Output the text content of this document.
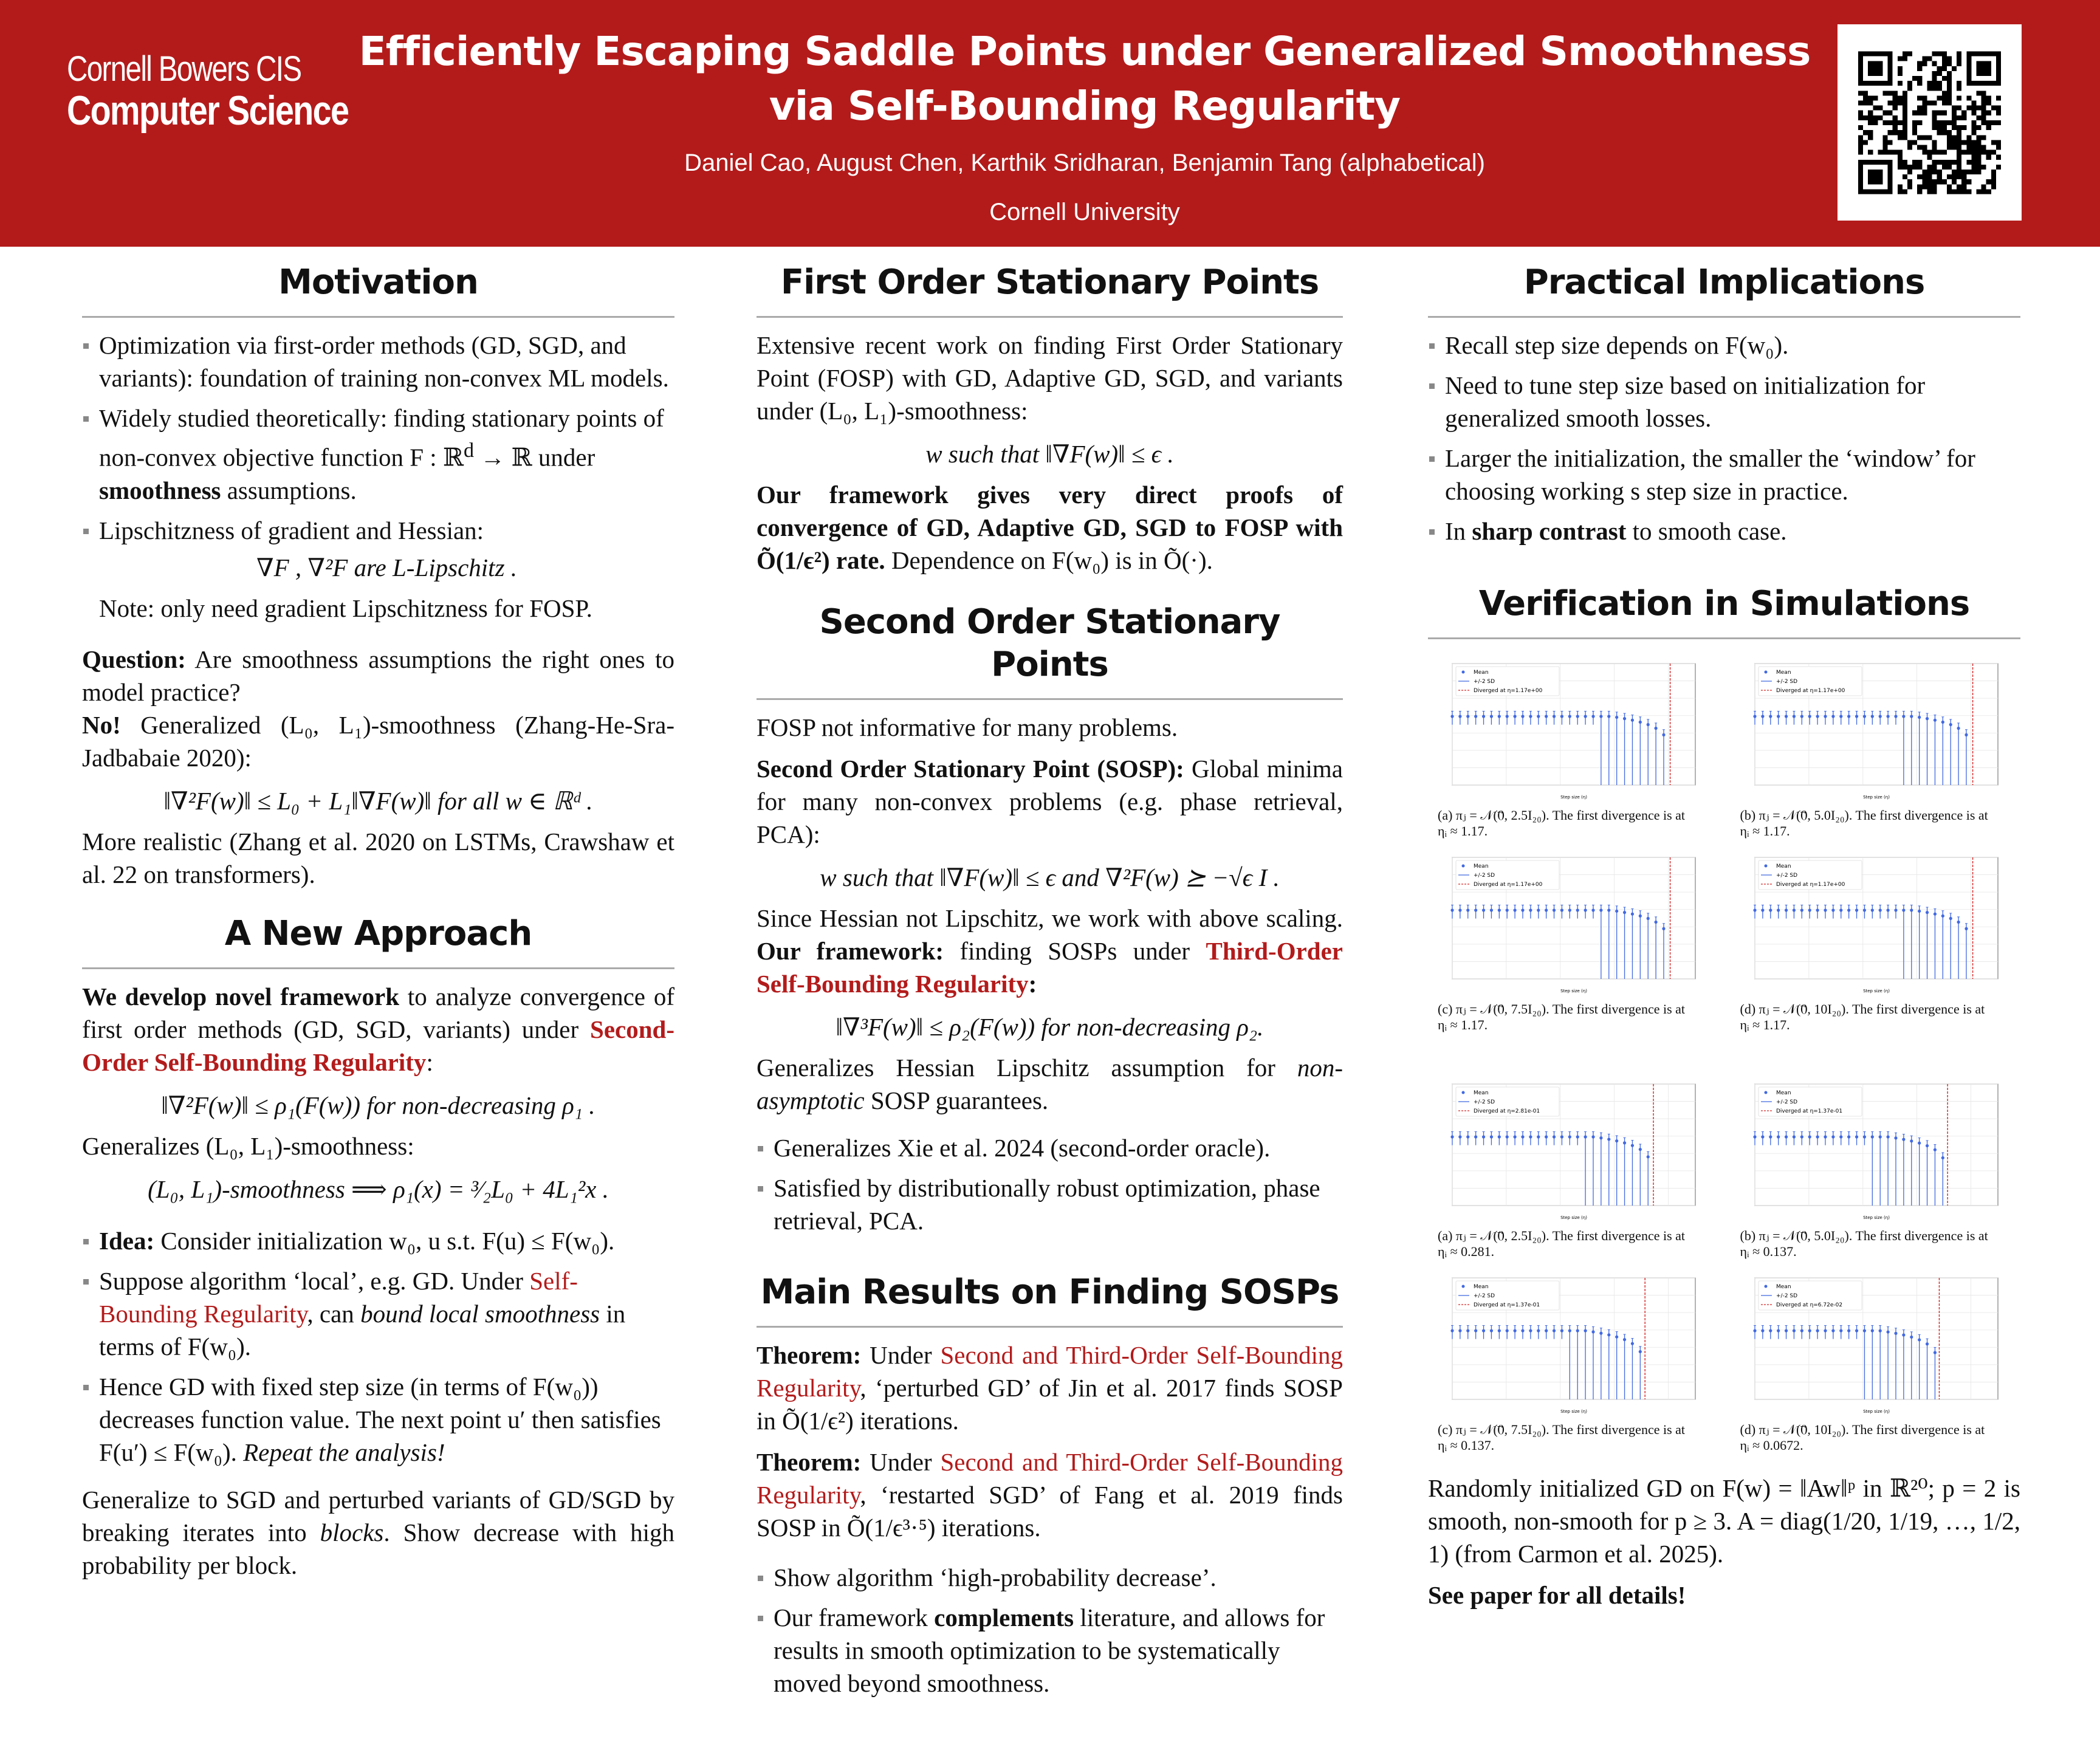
Cornell Bowers CIS
Computer Science
Efficiently Escaping Saddle Points under Generalized Smoothness
via Self-Bounding Regularity
Daniel Cao, August Chen, Karthik Sridharan, Benjamin Tang (alphabetical)
Cornell University
Motivation
Optimization via first-order methods (GD, SGD, and variants): foundation of training non-convex ML models.
Widely studied theoretically: finding stationary points of non-convex objective function F : ℝ$^d$ → ℝ under smoothness assumptions.
Lipschitzness of gradient and Hessian:
∇F , ∇²F are L-Lipschitz .
Note: only need gradient Lipschitzness for FOSP.

Question: Are smoothness assumptions the right ones to model practice?
No! Generalized (L₀, L₁)-smoothness (Zhang-He-Sra-Jadbabaie 2020):

‖∇²F(w)‖ ≤ L₀ + L₁‖∇F(w)‖ for all w ∈ ℝᵈ .

More realistic (Zhang et al. 2020 on LSTMs, Crawshaw et al. 22 on transformers).

A New Approach

We develop novel framework to analyze convergence of first order methods (GD, SGD, variants) under Second-Order Self-Bounding Regularity:

‖∇²F(w)‖ ≤ ρ₁(F(w)) for non-decreasing ρ₁ .

Generalizes (L₀, L₁)-smoothness:

(L₀, L₁)-smoothness ⟹ ρ₁(x) = ³⁄₂L₀ + 4L₁²x .
Idea: Consider initialization w₀, u s.t. F(u) ≤ F(w₀).
Suppose algorithm ‘local’, e.g. GD. Under Self-Bounding Regularity, can bound local smoothness in terms of F(w₀).
Hence GD with fixed step size (in terms of F(w₀)) decreases function value. The next point u′ then satisfies F(u′) ≤ F(w₀). Repeat the analysis!

Generalize to SGD and perturbed variants of GD/SGD by breaking iterates into blocks. Show decrease with high probability per block.

First Order Stationary Points

Extensive recent work on finding First Order Stationary Point (FOSP) with GD, Adaptive GD, SGD, and variants under (L₀, L₁)-smoothness:

w such that ‖∇F(w)‖ ≤ ϵ .

Our framework gives very direct proofs of convergence of GD, Adaptive GD, SGD to FOSP with Õ(1/ϵ²) rate. Dependence on F(w₀) is in Õ(·).

Second Order Stationary Points

FOSP not informative for many problems.

Second Order Stationary Point (SOSP): Global minima for many non-convex problems (e.g. phase retrieval, PCA):

w such that ‖∇F(w)‖ ≤ ϵ and ∇²F(w) ⪰ −√ϵ I .

Since Hessian not Lipschitz, we work with above scaling. Our framework: finding SOSPs under Third-Order Self-Bounding Regularity:

‖∇³F(w)‖ ≤ ρ₂(F(w)) for non-decreasing ρ₂.

Generalizes Hessian Lipschitz assumption for non-asymptotic SOSP guarantees.

Generalizes Xie et al. 2024 (second-order oracle).
Satisfied by distributionally robust optimization, phase retrieval, PCA.
Main Results on Finding SOSPs

Theorem: Under Second and Third-Order Self-Bounding Regularity, ‘perturbed GD’ of Jin et al. 2017 finds SOSP in Õ(1/ϵ²) iterations.

Theorem: Under Second and Third-Order Self-Bounding Regularity, ‘restarted SGD’ of Fang et al. 2019 finds SOSP in Õ(1/ϵ³·⁵) iterations.

Show algorithm ‘high-probability decrease’.
Our framework complements literature, and allows for results in smooth optimization to be systematically moved beyond smoothness.
Practical Implications
Recall step size depends on F(w₀).
Need to tune step size based on initialization for generalized smooth losses.
Larger the initialization, the smaller the ‘window’ for choosing working s step size in practice.
In sharp contrast to smooth case.
Verification in Simulations
Mean
+/-2 SD
Diverged at η=1.17e+00
Step size (η)
(a) πⱼ = 𝒩(0⃗, 2.5I₂₀). The first divergence is at
ηᵢ ≈ 1.17.
Mean
+/-2 SD
Diverged at η=1.17e+00
Step size (η)
(b) πⱼ = 𝒩(0⃗, 5.0I₂₀). The first divergence is at
ηᵢ ≈ 1.17.
Mean
+/-2 SD
Diverged at η=1.17e+00
Step size (η)
(c) πⱼ = 𝒩(0⃗, 7.5I₂₀). The first divergence is at
ηᵢ ≈ 1.17.
Mean
+/-2 SD
Diverged at η=1.17e+00
Step size (η)
(d) πⱼ = 𝒩(0⃗, 10I₂₀). The first divergence is at
ηᵢ ≈ 1.17.
Mean
+/-2 SD
Diverged at η=2.81e-01
Step size (η)
(a) πⱼ = 𝒩(0⃗, 2.5I₂₀). The first divergence is at
ηᵢ ≈ 0.281.
Mean
+/-2 SD
Diverged at η=1.37e-01
Step size (η)
(b) πⱼ = 𝒩(0⃗, 5.0I₂₀). The first divergence is at
ηᵢ ≈ 0.137.
Mean
+/-2 SD
Diverged at η=1.37e-01
Step size (η)
(c) πⱼ = 𝒩(0⃗, 7.5I₂₀). The first divergence is at
ηᵢ ≈ 0.137.
Mean
+/-2 SD
Diverged at η=6.72e-02
Step size (η)
(d) πⱼ = 𝒩(0⃗, 10I₂₀). The first divergence is at
ηᵢ ≈ 0.0672.

Randomly initialized GD on F(w) = ‖Aw‖ᵖ in ℝ²⁰; p = 2 is smooth, non-smooth for p ≥ 3. A = diag(1/20, 1/19, …, 1/2, 1) (from Carmon et al. 2025).

See paper for all details!
